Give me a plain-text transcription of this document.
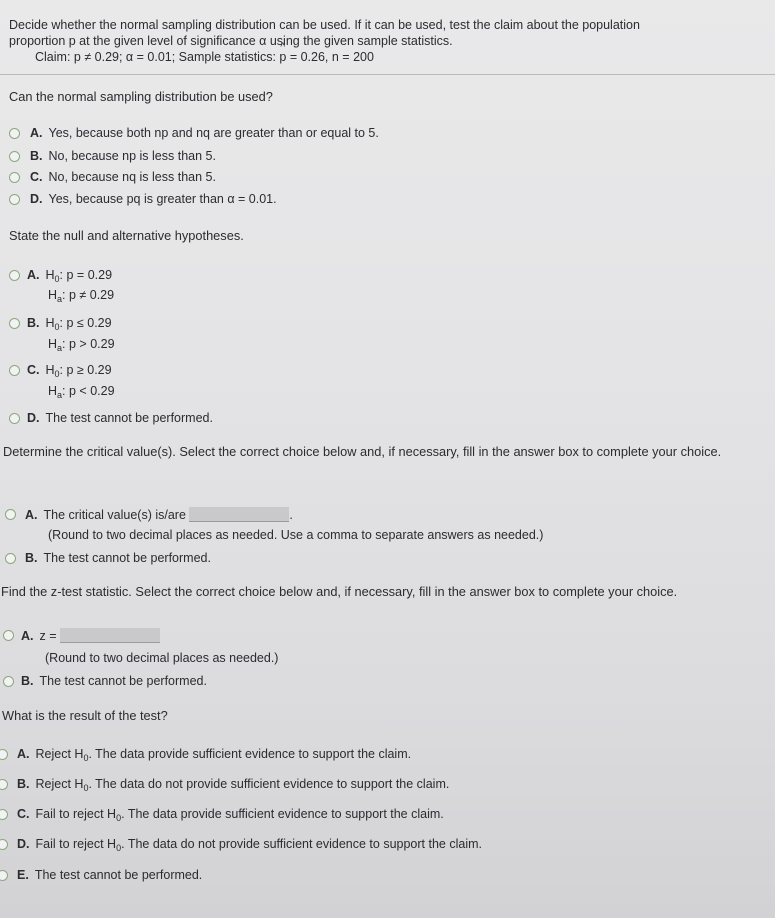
Decide whether the normal sampling distribution can be used. If it can be used, test the claim about the population
proportion p at the given level of significance α using the given sample statistics.
Claim: p ≠ 0.29; α = 0.01; Sample statistics: ^ p = 0.26, n = 200
Can the normal sampling distribution be used?
A. Yes, because both np and nq are greater than or equal to 5.
B. No, because np is less than 5.
C. No, because nq is less than 5.
D. Yes, because pq is greater than α = 0.01.
State the null and alternative hypotheses.
A. $H_0$: p = 0.29
$H_a$: p ≠ 0.29
B. $H_0$: p ≤ 0.29
$H_a$: p > 0.29
C. $H_0$: p ≥ 0.29
$H_a$: p < 0.29
D. The test cannot be performed.
Determine the critical value(s). Select the correct choice below and, if necessary, fill in the answer box to complete your choice.
A. The critical value(s) is/are	.
(Round to two decimal places as needed. Use a comma to separate answers as needed.)
B. The test cannot be performed.
Find the z-test statistic. Select the correct choice below and, if necessary, fill in the answer box to complete your choice.
A. z =
(Round to two decimal places as needed.)
B. The test cannot be performed.
What is the result of the test?
A. Reject $H_0$. The data provide sufficient evidence to support the claim.
B. Reject $H_0$. The data do not provide sufficient evidence to support the claim.
C. Fail to reject $H_0$. The data provide sufficient evidence to support the claim.
D. Fail to reject $H_0$. The data do not provide sufficient evidence to support the claim.
E. The test cannot be performed.
